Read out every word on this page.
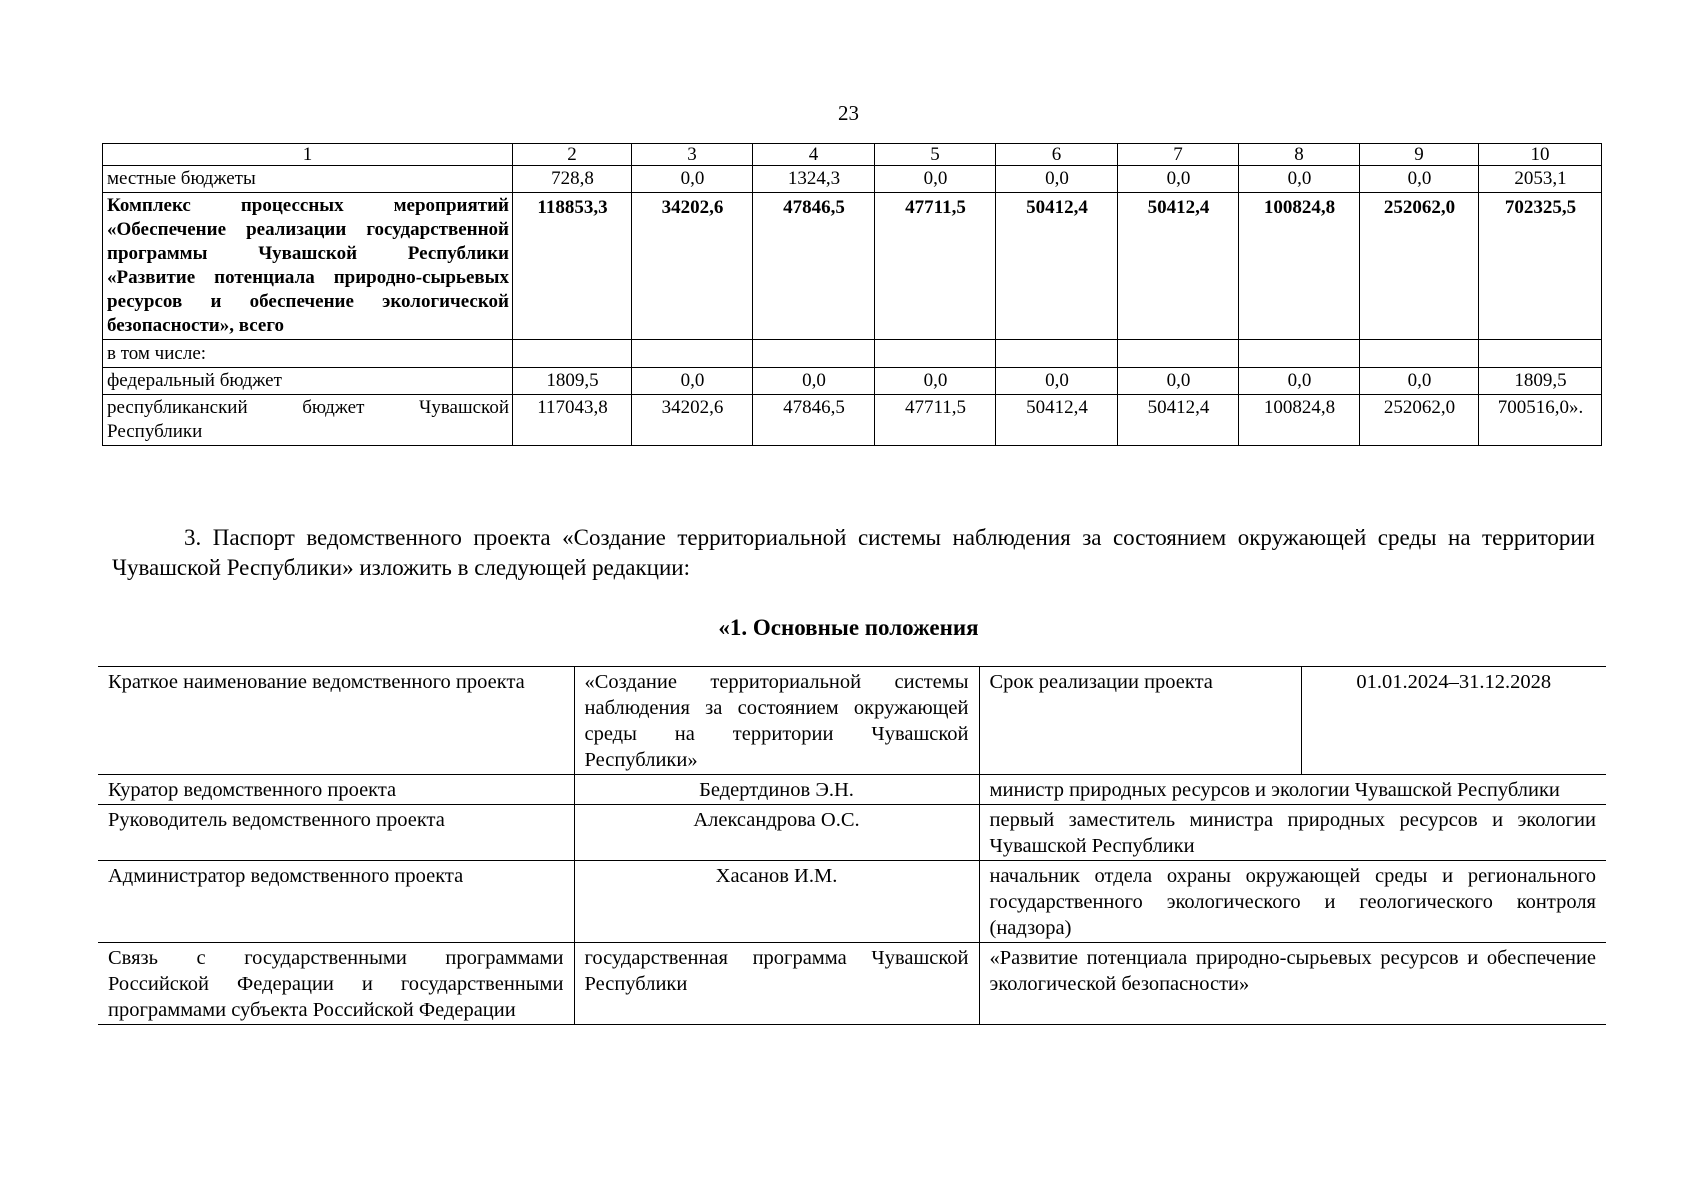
23
1	2	3	4	5	6	7	8	9	10
местные бюджеты	728,8	0,0	1324,3	0,0	0,0	0,0	0,0	0,0	2053,1
Комплекс процессных мероприятий «Обеспечение реализации государственной программы Чувашской Республики «Развитие потенциала природно-сырьевых ресурсов и обеспечение экологической безопасности», всего	118853,3	34202,6	47846,5	47711,5	50412,4	50412,4	100824,8	252062,0	702325,5
в том числе:									
федеральный бюджет	1809,5	0,0	0,0	0,0	0,0	0,0	0,0	0,0	1809,5
республиканский бюджет Чувашской Республики	117043,8	34202,6	47846,5	47711,5	50412,4	50412,4	100824,8	252062,0	700516,0».

3. Паспорт ведомственного проекта «Создание территориальной системы наблюдения за состоянием окружающей среды на территории Чувашской Республики» изложить в следующей редакции:

«1. Основные положения
Краткое наименование ведомственного проекта	«Создание территориальной системы наблюдения за состоянием окружающей среды на территории Чувашской Республики»	Срок реализации проекта	01.01.2024–31.12.2028
Куратор ведомственного проекта	Бедертдинов Э.Н.	министр природных ресурсов и экологии Чувашской Республики	
Руководитель ведомственного проекта	Александрова О.С.	первый заместитель министра природных ресурсов и экологии Чувашской Республики	
Администратор ведомственного проекта	Хасанов И.М.	начальник отдела охраны окружающей среды и регионального государственного экологического и геологического контроля (надзора)	
Связь с государственными программами Российской Федерации и государственными программами субъекта Российской Федерации	государственная программа Чувашской Республики	«Развитие потенциала природно-сырьевых ресурсов и обеспечение экологической безопасности»	
